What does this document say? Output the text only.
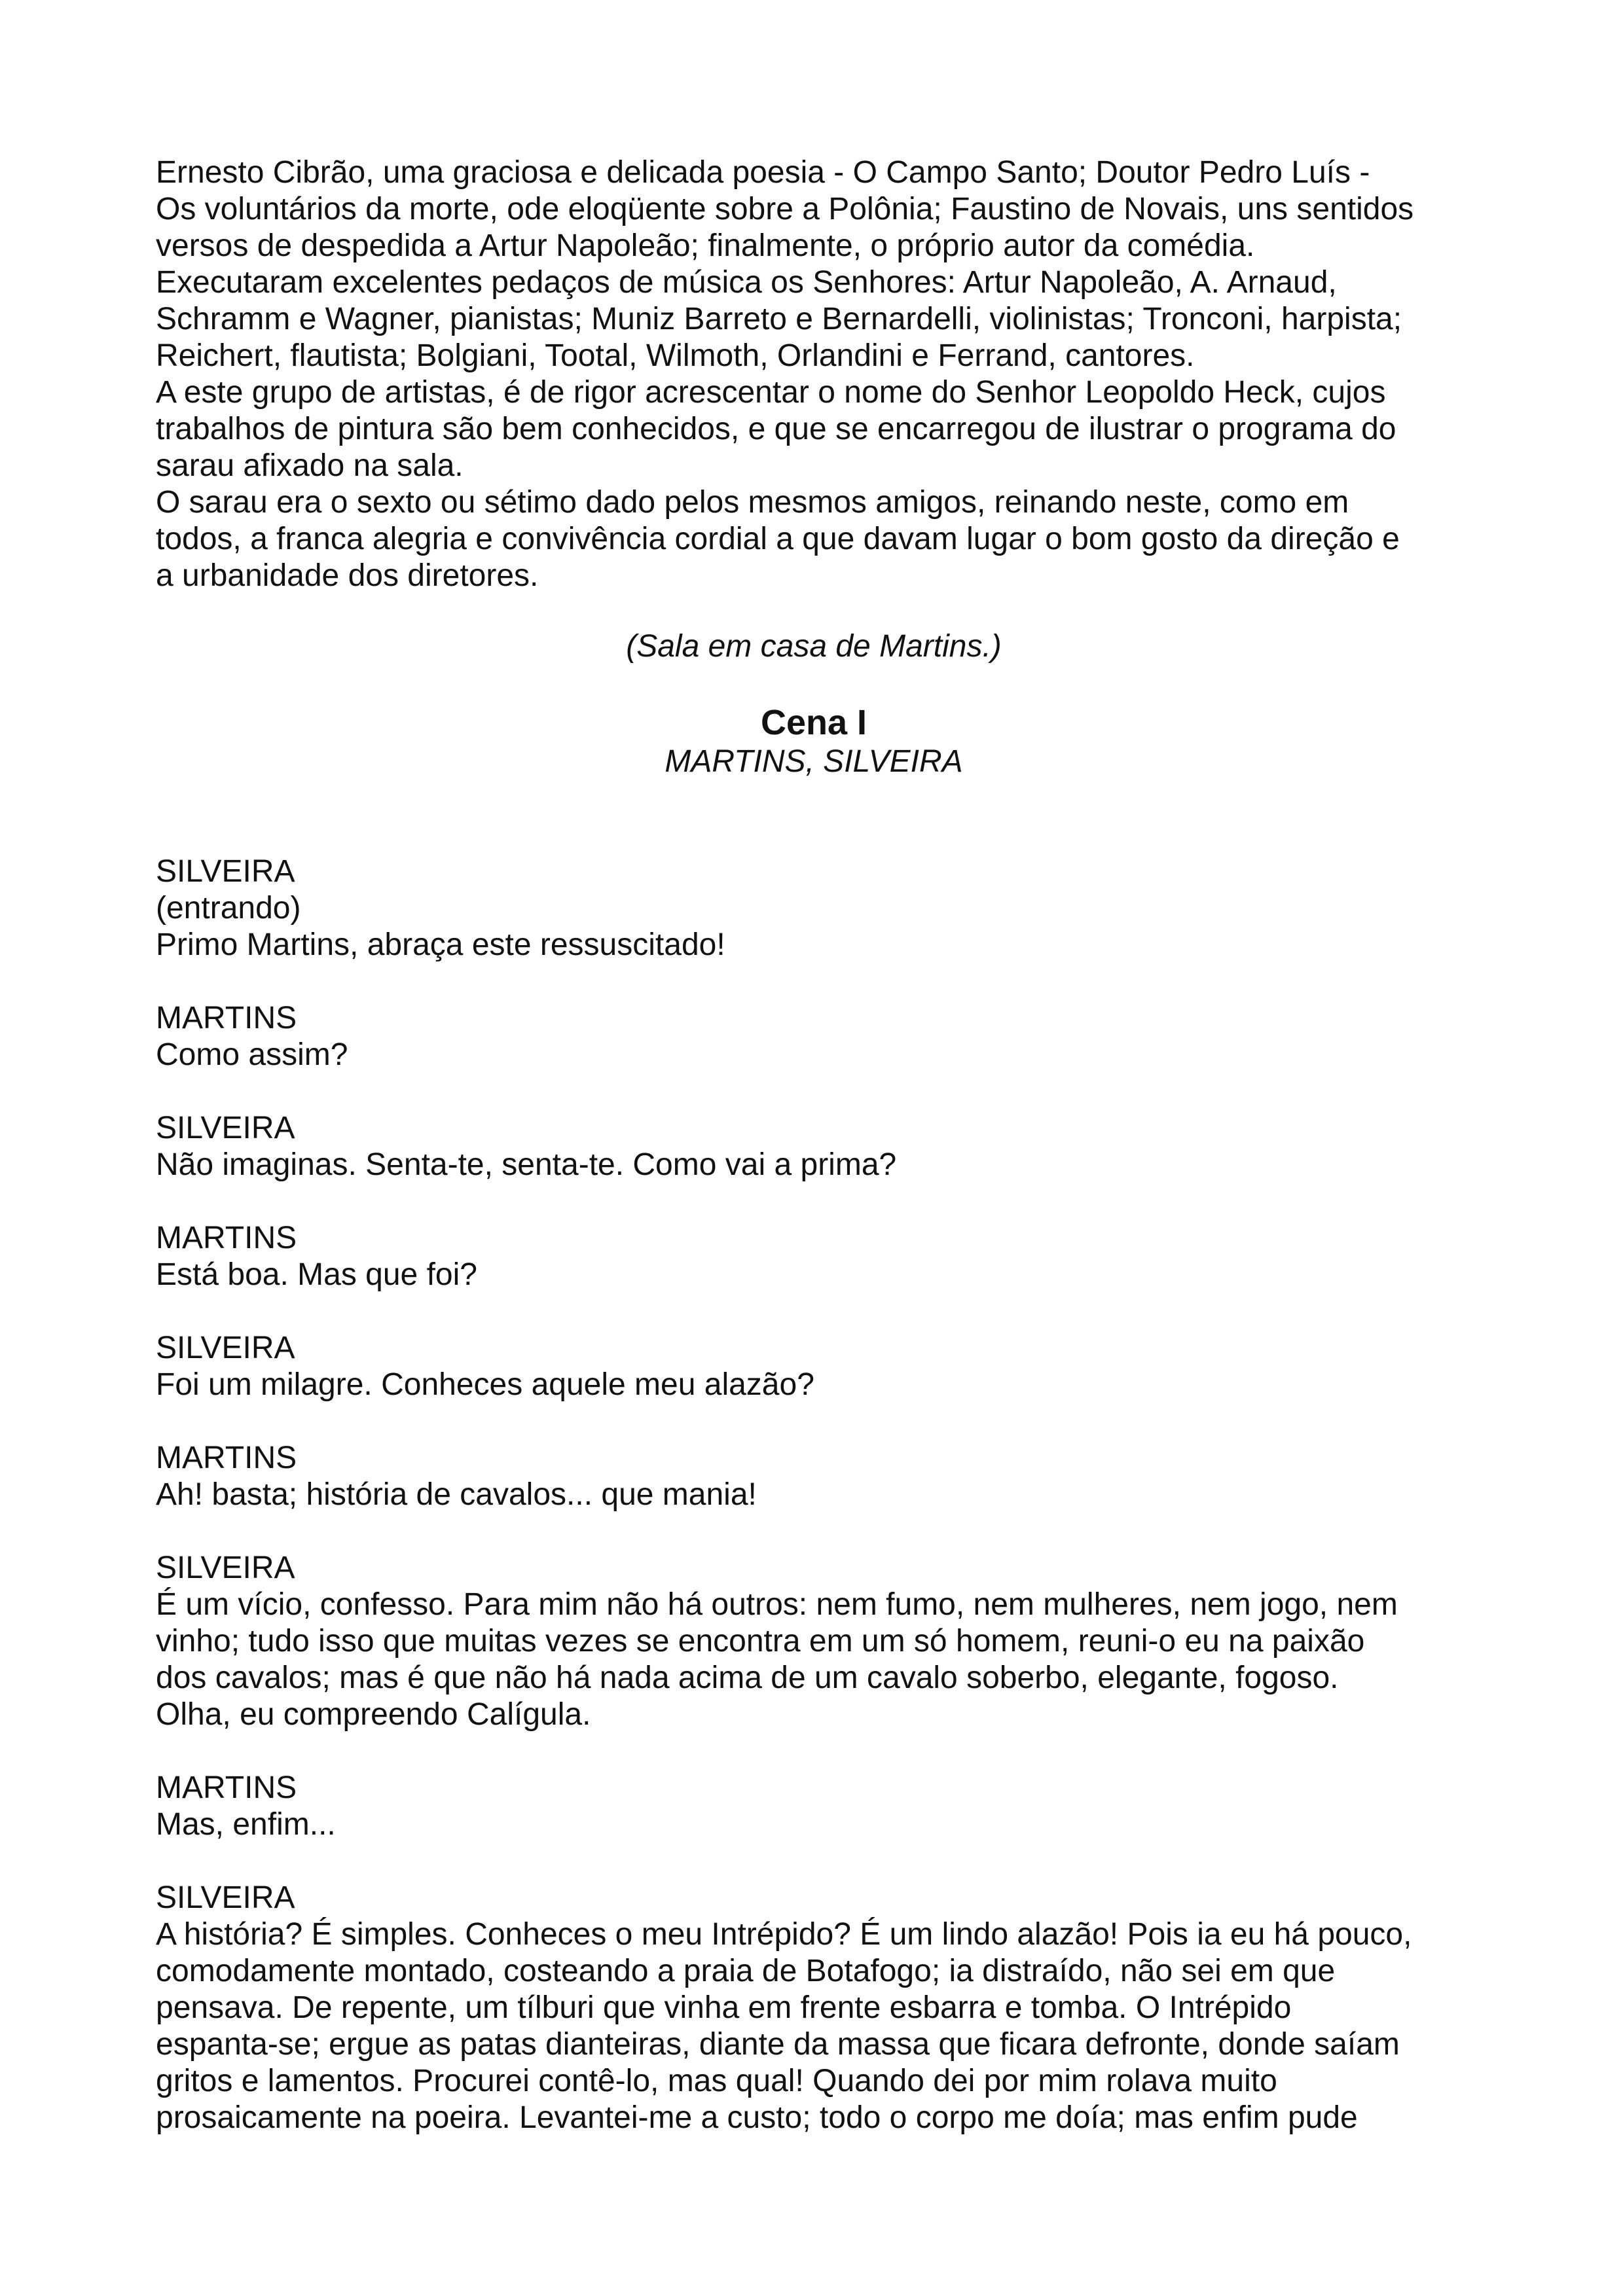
Ernesto Cibrão, uma graciosa e delicada poesia - O Campo Santo; Doutor Pedro Luís -

Os voluntários da morte, ode eloqüente sobre a Polônia; Faustino de Novais, uns sentidos

versos de despedida a Artur Napoleão; finalmente, o próprio autor da comédia.

Executaram excelentes pedaços de música os Senhores: Artur Napoleão, A. Arnaud,

Schramm e Wagner, pianistas; Muniz Barreto e Bernardelli, violinistas; Tronconi, harpista;

Reichert, flautista; Bolgiani, Tootal, Wilmoth, Orlandini e Ferrand, cantores.

A este grupo de artistas, é de rigor acrescentar o nome do Senhor Leopoldo Heck, cujos

trabalhos de pintura são bem conhecidos, e que se encarregou de ilustrar o programa do

sarau afixado na sala.

O sarau era o sexto ou sétimo dado pelos mesmos amigos, reinando neste, como em

todos, a franca alegria e convivência cordial a que davam lugar o bom gosto da direção e

a urbanidade dos diretores.

(Sala em casa de Martins.)

Cena I

MARTINS, SILVEIRA

SILVEIRA
(entrando)
Primo Martins, abraça este ressuscitado!
MARTINS
Como assim?
SILVEIRA
Não imaginas. Senta-te, senta-te. Como vai a prima?
MARTINS
Está boa. Mas que foi?
SILVEIRA
Foi um milagre. Conheces aquele meu alazão?
MARTINS
Ah! basta; história de cavalos... que mania!
SILVEIRA
É um vício, confesso. Para mim não há outros: nem fumo, nem mulheres, nem jogo, nem
vinho; tudo isso que muitas vezes se encontra em um só homem, reuni-o eu na paixão
dos cavalos; mas é que não há nada acima de um cavalo soberbo, elegante, fogoso.
Olha, eu compreendo Calígula.
MARTINS
Mas, enfim...
SILVEIRA
A história? É simples. Conheces o meu Intrépido? É um lindo alazão! Pois ia eu há pouco,
comodamente montado, costeando a praia de Botafogo; ia distraído, não sei em que
pensava. De repente, um tílburi que vinha em frente esbarra e tomba. O Intrépido
espanta-se; ergue as patas dianteiras, diante da massa que ficara defronte, donde saíam
gritos e lamentos. Procurei contê-lo, mas qual! Quando dei por mim rolava muito
prosaicamente na poeira. Levantei-me a custo; todo o corpo me doía; mas enfim pude
